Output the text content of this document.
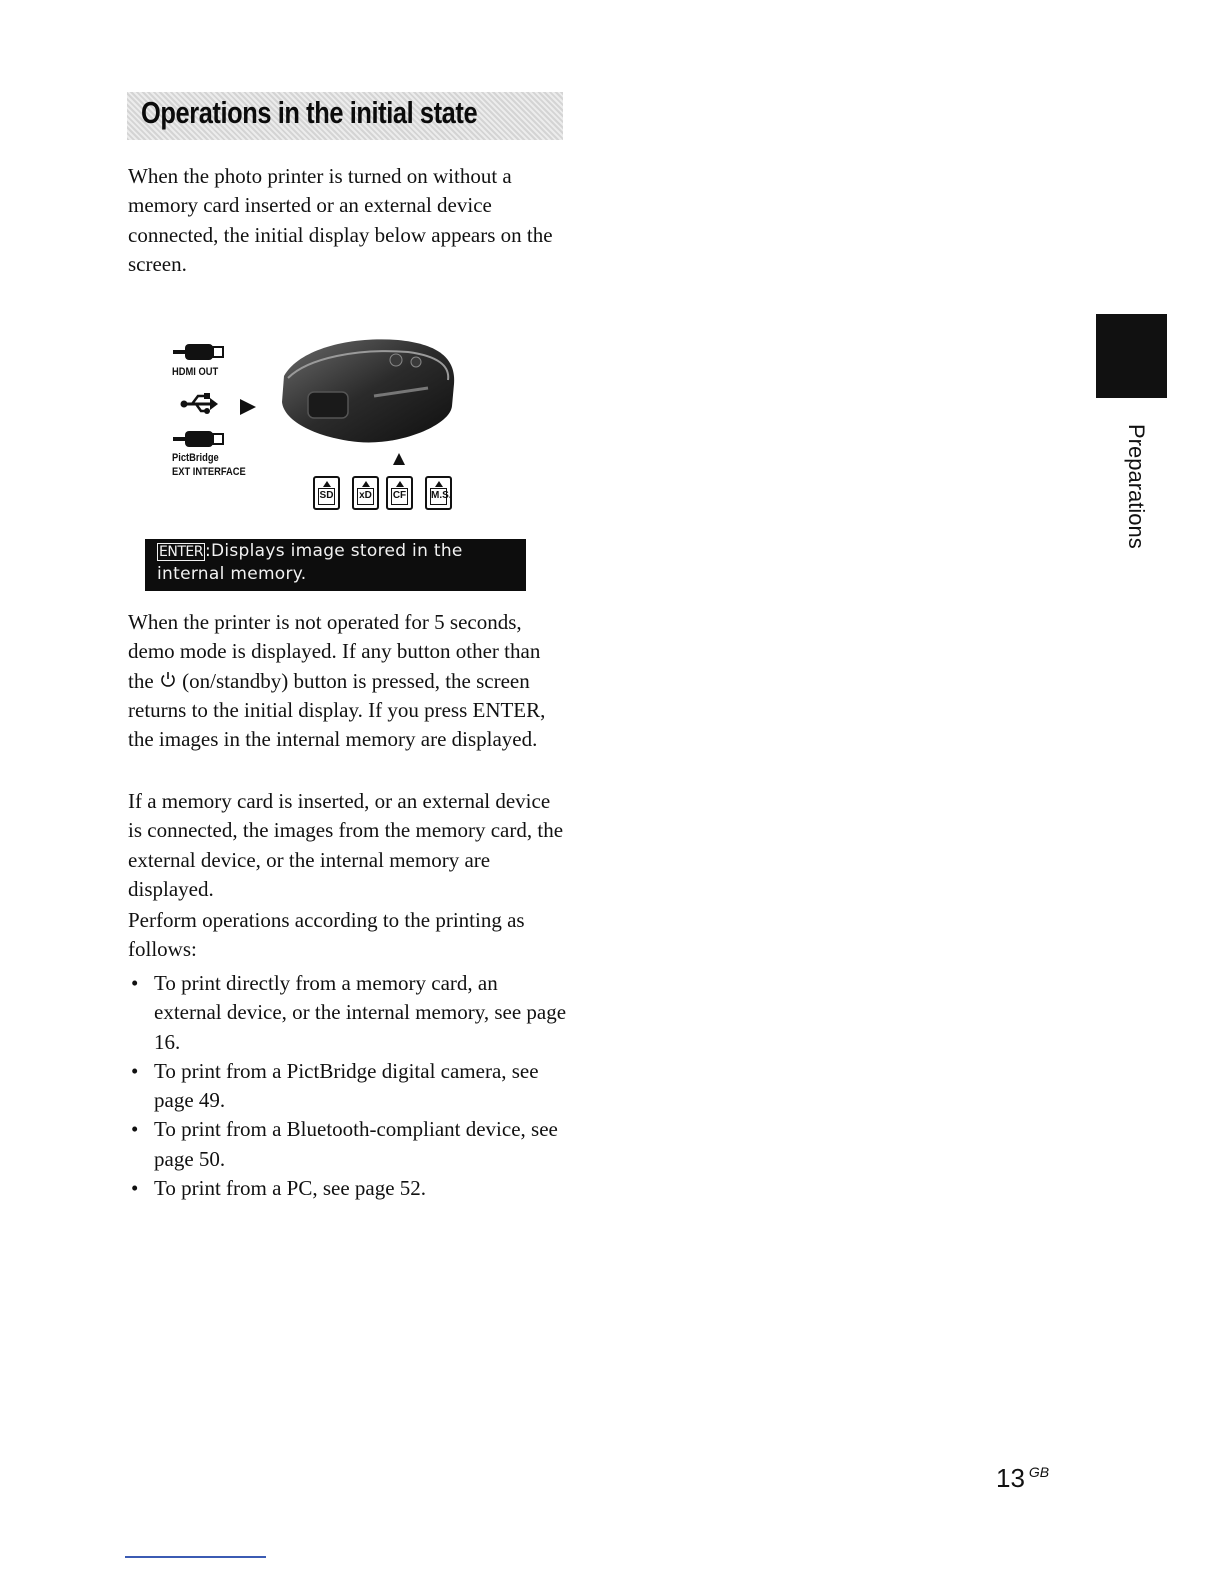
Operations in the initial state

When the photo printer is turned on without a memory card inserted or an external device connected, the initial display below appears on the screen.

HDMI OUT
PictBridge
EXT INTERFACE
SD	xD CF M.S.
ENTER :Displays image stored in the internal memory.

When the printer is not operated for 5 seconds, demo mode is displayed. If any button other than the  (on/standby) button is pressed, the screen returns to the initial display. If you press ENTER, the images in the internal memory are displayed.

If a memory card is inserted, or an external device is connected, the images from the memory card, the external device, or the internal memory are displayed.

Perform operations according to the printing as follows:

• To print directly from a memory card, an external device, or the internal memory, see page 16.
• To print from a PictBridge digital camera, see page 49.
• To print from a Bluetooth-compliant device, see page 50.
• To print from a PC, see page 52.
Preparations
13 $^{GB}$
